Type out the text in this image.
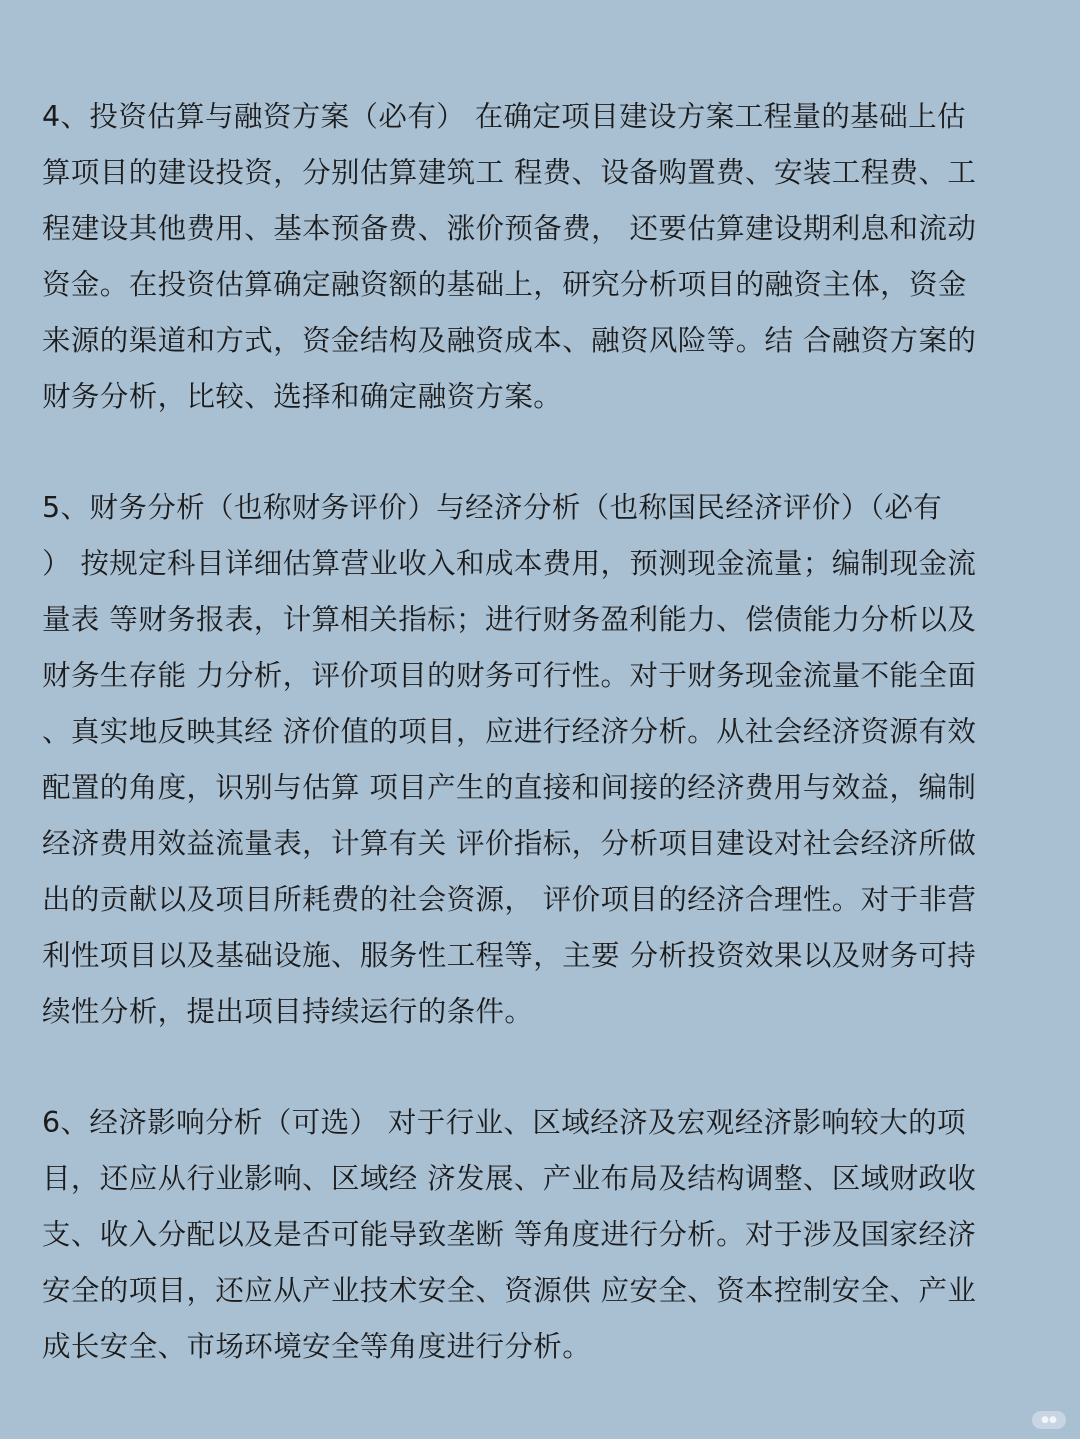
4、投资估算与融资方案（必有） 在确定项目建设方案工程量的基础上估
算项目的建设投资，分别估算建筑工 程费、设备购置费、安装工程费、工
程建设其他费用、基本预备费、涨价预备费， 还要估算建设期利息和流动
资金。在投资估算确定融资额的基础上，研究分析项目的融资主体，资金
来源的渠道和方式，资金结构及融资成本、融资风险等。结 合融资方案的
财务分析，比较、选择和确定融资方案。
5、财务分析（也称财务评价）与经济分析（也称国民经济评价）（必有
） 按规定科目详细估算营业收入和成本费用，预测现金流量；编制现金流
量表 等财务报表，计算相关指标；进行财务盈利能力、偿债能力分析以及
财务生存能 力分析，评价项目的财务可行性。对于财务现金流量不能全面
、真实地反映其经 济价值的项目，应进行经济分析。从社会经济资源有效
配置的角度，识别与估算 项目产生的直接和间接的经济费用与效益，编制
经济费用效益流量表，计算有关 评价指标，分析项目建设对社会经济所做
出的贡献以及项目所耗费的社会资源， 评价项目的经济合理性。对于非营
利性项目以及基础设施、服务性工程等，主要 分析投资效果以及财务可持
续性分析，提出项目持续运行的条件。
6、经济影响分析（可选） 对于行业、区域经济及宏观经济影响较大的项
目，还应从行业影响、区域经 济发展、产业布局及结构调整、区域财政收
支、收入分配以及是否可能导致垄断 等角度进行分析。对于涉及国家经济
安全的项目，还应从产业技术安全、资源供 应安全、资本控制安全、产业
成长安全、市场环境安全等角度进行分析。
●●
